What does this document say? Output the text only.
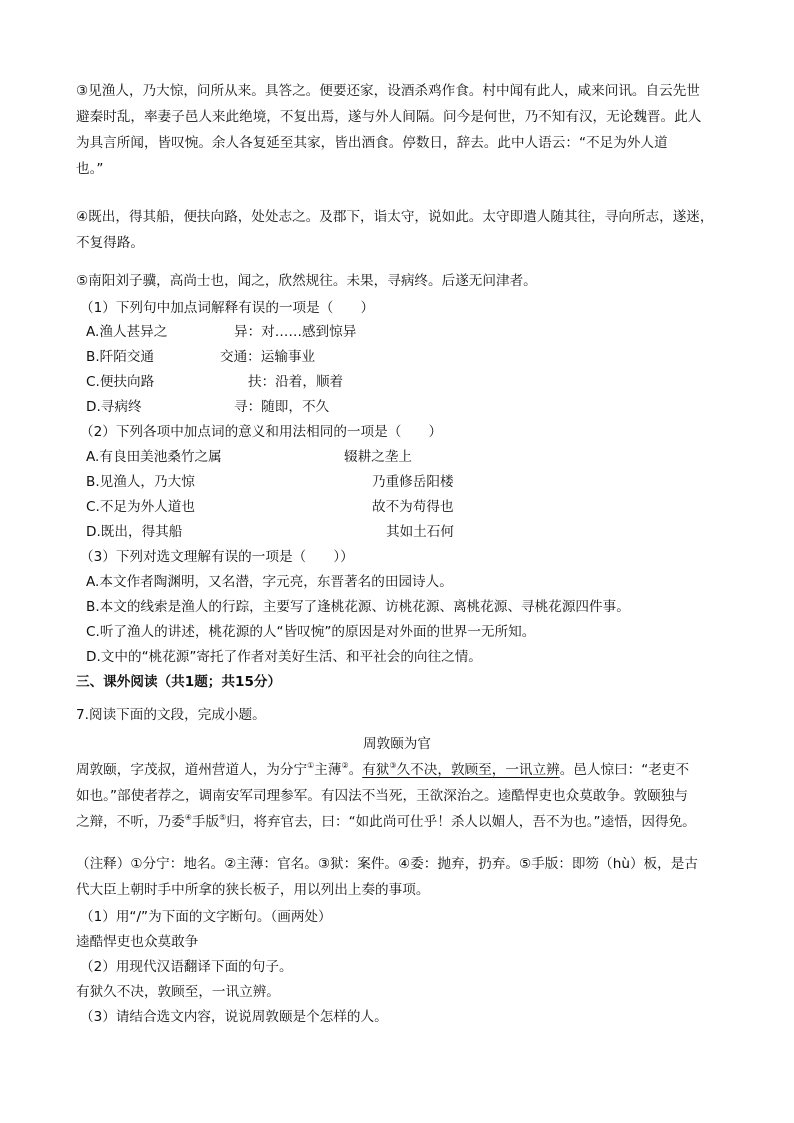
③见渔人，乃大惊，问所从来。具答之。便要还家，设酒杀鸡作食。村中闻有此人，咸来问讯。自云先世
避秦时乱，率妻子邑人来此绝境，不复出焉，遂与外人间隔。问今是何世，乃不知有汉，无论魏晋。此人
为具言所闻，皆叹惋。余人各复延至其家，皆出酒食。停数日，辞去。此中人语云：“不足为外人道
也。”
④既出，得其船，便扶向路，处处志之。及郡下，诣太守，说如此。太守即遣人随其往，寻向所志，遂迷，
不复得路。
⑤南阳刘子骥，高尚士也，闻之，欣然规往。未果，寻病终。后遂无问津者。
（1）下列句中加点词解释有误的一项是（　　）
A.渔人甚异之	异：对……感到惊异
B.阡陌交通	交通：运输事业
C.便扶向路	扶：沿着，顺着
D.寻病终	寻：随即，不久
（2）下列各项中加点词的意义和用法相同的一项是（　　）
A.有良田美池桑竹之属	辍耕之垄上
B.见渔人，乃大惊	乃重修岳阳楼
C.不足为外人道也	故不为苟得也
D.既出，得其船	其如土石何
（3）下列对选文理解有误的一项是（　　））
A.本文作者陶渊明，又名潜，字元亮，东晋著名的田园诗人。
B.本文的线索是渔人的行踪，主要写了逢桃花源、访桃花源、离桃花源、寻桃花源四件事。
C.听了渔人的讲述，桃花源的人“皆叹惋”的原因是对外面的世界一无所知。
D.文中的“桃花源”寄托了作者对美好生活、和平社会的向往之情。
三、课外阅读（共1题；共15分）
7.阅读下面的文段，完成小题。
周敦颐为官
周敦颐，字茂叔，道州营道人，为分宁①主薄②。有狱③久不决，敦顾至，一讯立辨。邑人惊曰：“老吏不
如也。”部使者荐之，调南安军司理参军。有囚法不当死，王欲深治之。逵酷悍吏也众莫敢争。敦颐独与
之辩，不听，乃委④手版⑤归，将弃官去，曰：“如此尚可仕乎！杀人以媚人，吾不为也。”逵悟，因得免。
（注释）①分宁：地名。②主薄：官名。③狱：案件。④委：抛弃，扔弃。⑤手版：即笏（hù）板，是古
代大臣上朝时手中所拿的狭长板子，用以列出上奏的事项。
（1）用“/”为下面的文字断句。（画两处）
逵酷悍吏也众莫敢争
（2）用现代汉语翻译下面的句子。
有狱久不决，敦顾至，一讯立辨。
（3）请结合选文内容，说说周敦颐是个怎样的人。
